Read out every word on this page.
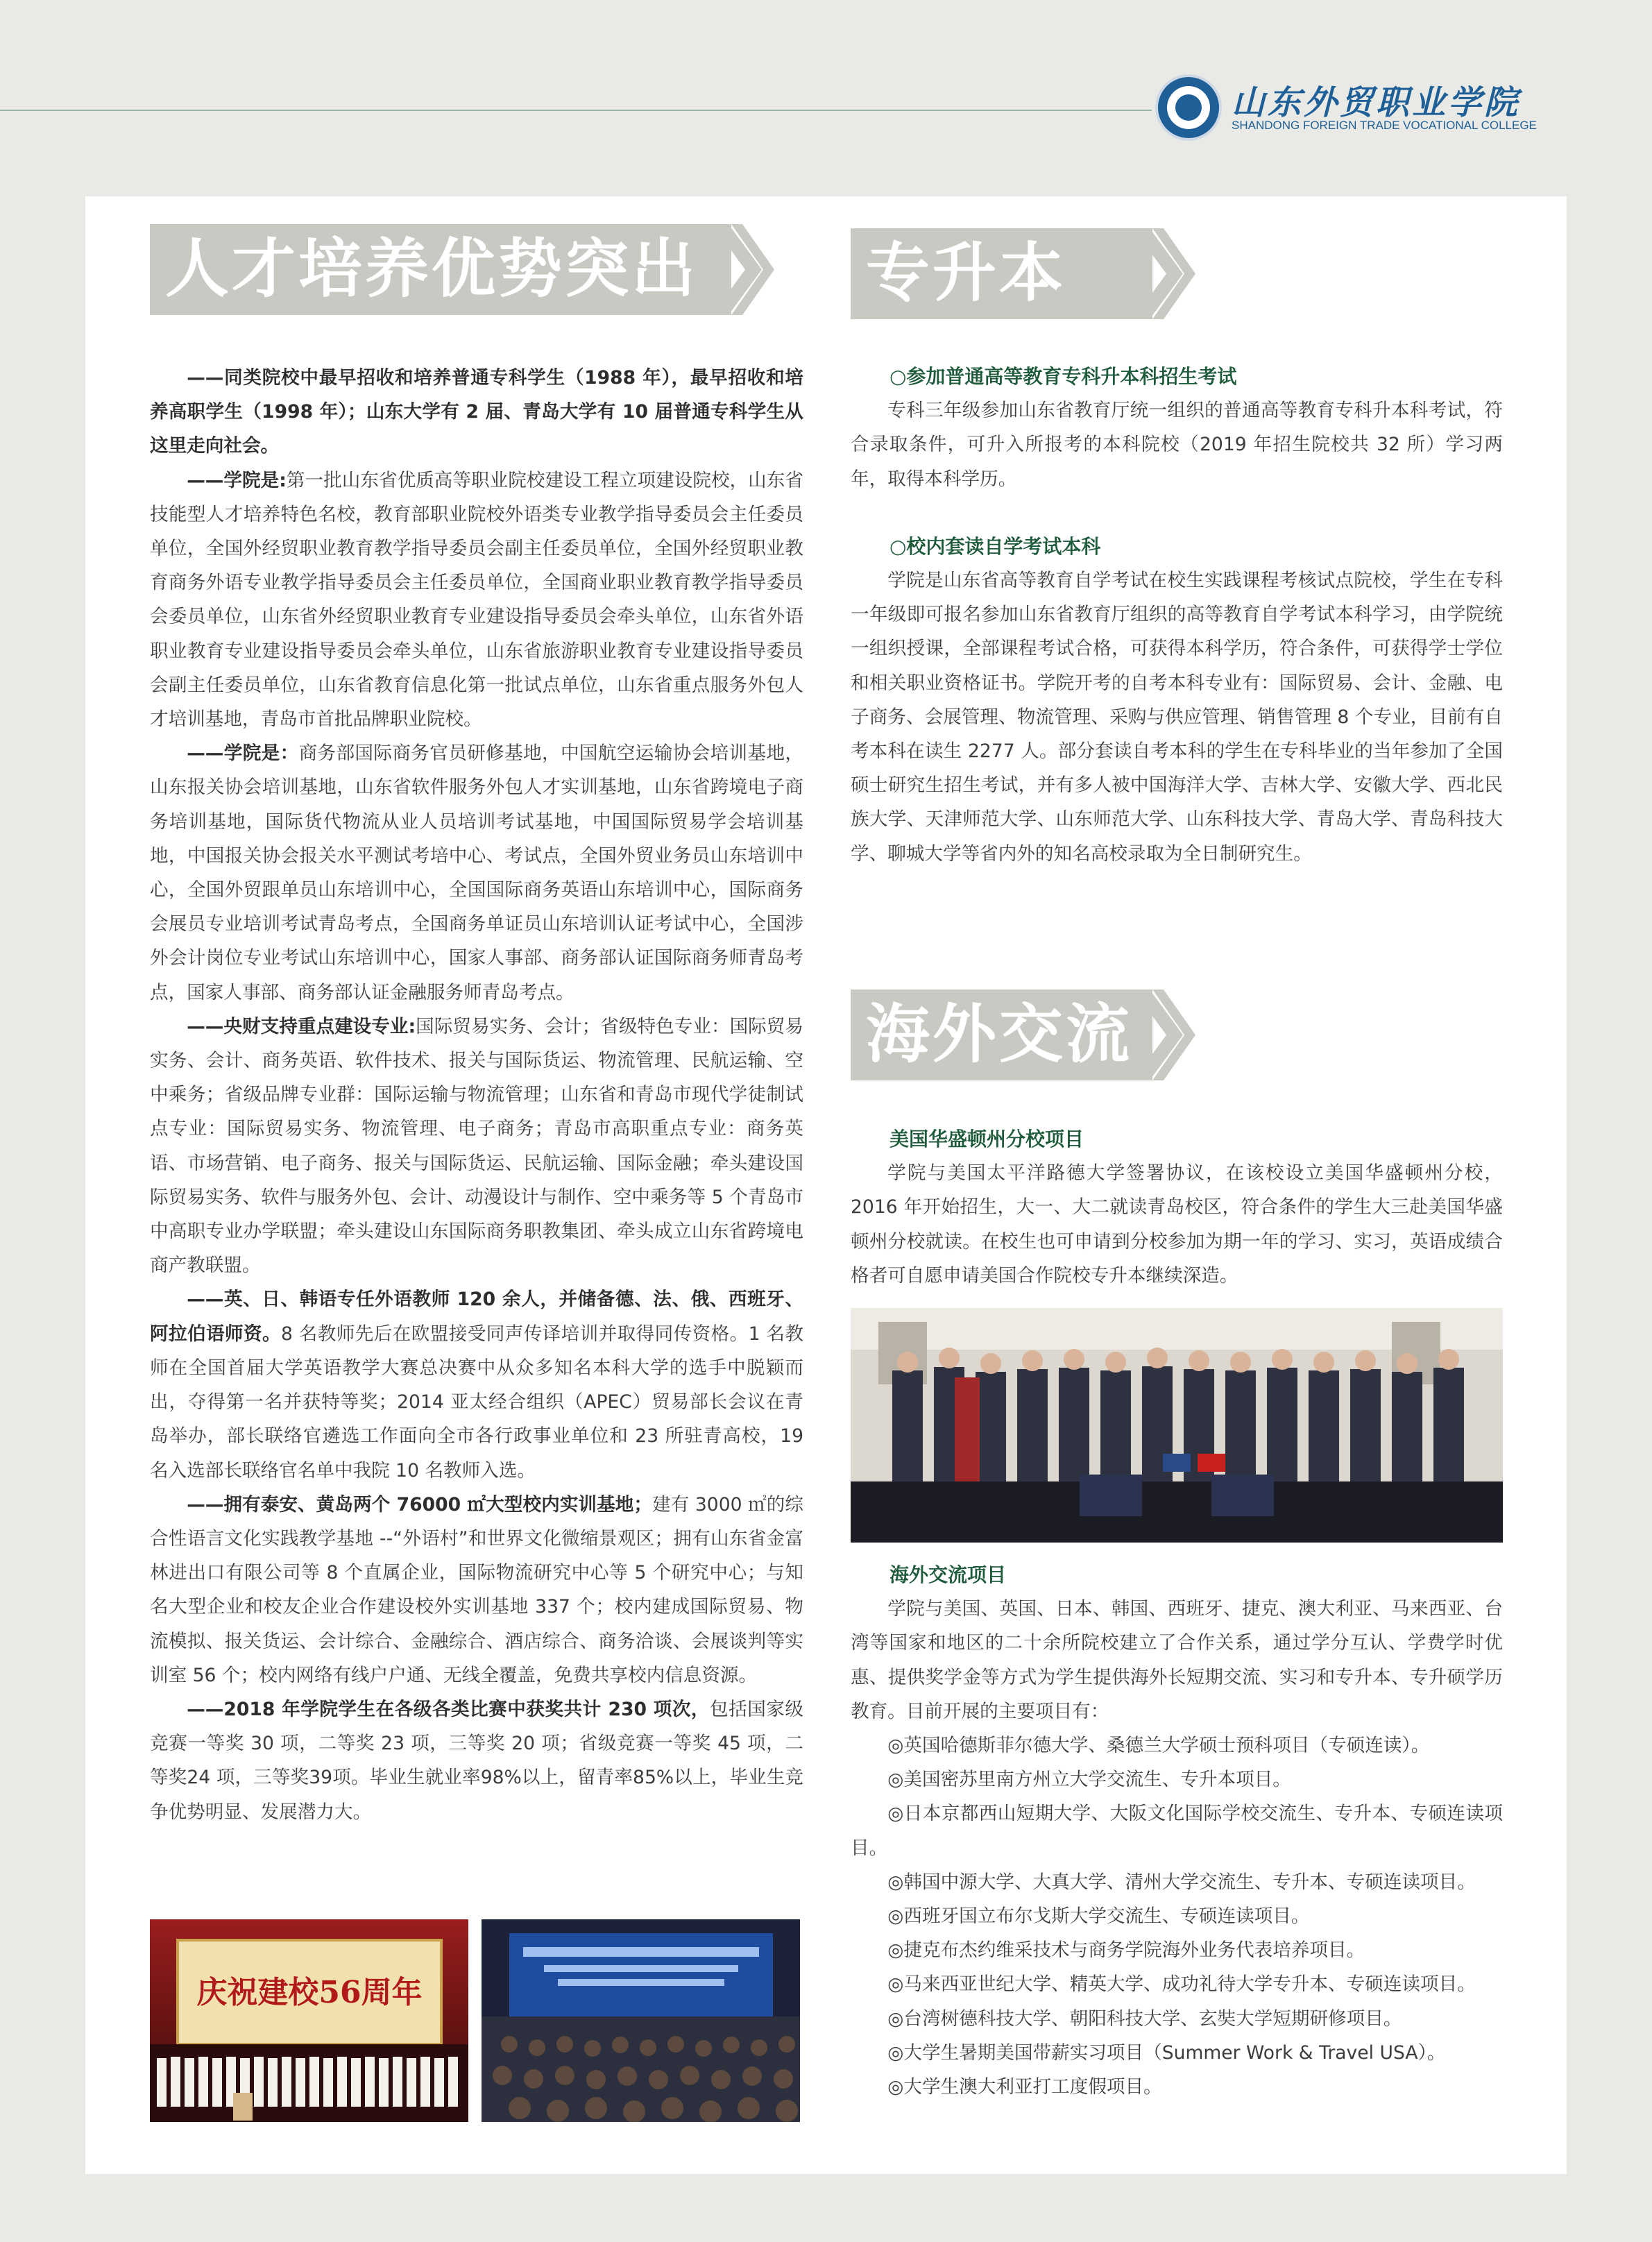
山东外贸职业学院
SHANDONG FOREIGN TRADE VOCATIONAL COLLEGE
人才培养优势突出

——同类院校中最早招收和培养普通专科学生（1988 年），最早招收和培养高职学生（1998 年）；山东大学有 2 届、青岛大学有 10 届普通专科学生从这里走向社会。

——学院是:第一批山东省优质高等职业院校建设工程立项建设院校，山东省技能型人才培养特色名校，教育部职业院校外语类专业教学指导委员会主任委员单位，全国外经贸职业教育教学指导委员会副主任委员单位，全国外经贸职业教育商务外语专业教学指导委员会主任委员单位，全国商业职业教育教学指导委员会委员单位，山东省外经贸职业教育专业建设指导委员会牵头单位，山东省外语职业教育专业建设指导委员会牵头单位，山东省旅游职业教育专业建设指导委员会副主任委员单位，山东省教育信息化第一批试点单位，山东省重点服务外包人才培训基地，青岛市首批品牌职业院校。

——学院是：商务部国际商务官员研修基地，中国航空运输协会培训基地，山东报关协会培训基地，山东省软件服务外包人才实训基地，山东省跨境电子商务培训基地，国际货代物流从业人员培训考试基地，中国国际贸易学会培训基地，中国报关协会报关水平测试考培中心、考试点，全国外贸业务员山东培训中心，全国外贸跟单员山东培训中心，全国国际商务英语山东培训中心，国际商务会展员专业培训考试青岛考点，全国商务单证员山东培训认证考试中心，全国涉外会计岗位专业考试山东培训中心，国家人事部、商务部认证国际商务师青岛考点，国家人事部、商务部认证金融服务师青岛考点。

——央财支持重点建设专业:国际贸易实务、会计；省级特色专业：国际贸易实务、会计、商务英语、软件技术、报关与国际货运、物流管理、民航运输、空中乘务；省级品牌专业群：国际运输与物流管理；山东省和青岛市现代学徒制试点专业：国际贸易实务、物流管理、电子商务；青岛市高职重点专业：商务英语、市场营销、电子商务、报关与国际货运、民航运输、国际金融；牵头建设国际贸易实务、软件与服务外包、会计、动漫设计与制作、空中乘务等 5 个青岛市中高职专业办学联盟；牵头建设山东国际商务职教集团、牵头成立山东省跨境电商产教联盟。

——英、日、韩语专任外语教师 120 余人，并储备德、法、俄、西班牙、阿拉伯语师资。8 名教师先后在欧盟接受同声传译培训并取得同传资格。1 名教师在全国首届大学英语教学大赛总决赛中从众多知名本科大学的选手中脱颖而出，夺得第一名并获特等奖；2014 亚太经合组织（APEC）贸易部长会议在青岛举办，部长联络官遴选工作面向全市各行政事业单位和 23 所驻青高校，19 名入选部长联络官名单中我院 10 名教师入选。

——拥有泰安、黄岛两个 76000 ㎡大型校内实训基地；建有 3000 ㎡的综合性语言文化实践教学基地 --“外语村”和世界文化微缩景观区；拥有山东省金富林进出口有限公司等 8 个直属企业，国际物流研究中心等 5 个研究中心；与知名大型企业和校友企业合作建设校外实训基地 337 个；校内建成国际贸易、物流模拟、报关货运、会计综合、金融综合、酒店综合、商务洽谈、会展谈判等实训室 56 个；校内网络有线户户通、无线全覆盖，免费共享校内信息资源。

——2018 年学院学生在各级各类比赛中获奖共计 230 项次，包括国家级竞赛一等奖 30 项，二等奖 23 项，三等奖 20 项；省级竞赛一等奖 45 项，二等奖24 项，三等奖39项。毕业生就业率98%以上，留青率85%以上，毕业生竞争优势明显、发展潜力大。

庆祝建校56周年
专升本

○参加普通高等教育专科升本科招生考试

专科三年级参加山东省教育厅统一组织的普通高等教育专科升本科考试，符合录取条件，可升入所报考的本科院校（2019 年招生院校共 32 所）学习两年，取得本科学历。

○校内套读自学考试本科

学院是山东省高等教育自学考试在校生实践课程考核试点院校，学生在专科一年级即可报名参加山东省教育厅组织的高等教育自学考试本科学习，由学院统一组织授课，全部课程考试合格，可获得本科学历，符合条件，可获得学士学位和相关职业资格证书。学院开考的自考本科专业有：国际贸易、会计、金融、电子商务、会展管理、物流管理、采购与供应管理、销售管理 8 个专业，目前有自考本科在读生 2277 人。部分套读自考本科的学生在专科毕业的当年参加了全国硕士研究生招生考试，并有多人被中国海洋大学、吉林大学、安徽大学、西北民族大学、天津师范大学、山东师范大学、山东科技大学、青岛大学、青岛科技大学、聊城大学等省内外的知名高校录取为全日制研究生。

海外交流

美国华盛顿州分校项目

学院与美国太平洋路德大学签署协议，在该校设立美国华盛顿州分校，2016 年开始招生，大一、大二就读青岛校区，符合条件的学生大三赴美国华盛顿州分校就读。在校生也可申请到分校参加为期一年的学习、实习，英语成绩合格者可自愿申请美国合作院校专升本继续深造。

海外交流项目

学院与美国、英国、日本、韩国、西班牙、捷克、澳大利亚、马来西亚、台湾等国家和地区的二十余所院校建立了合作关系，通过学分互认、学费学时优惠、提供奖学金等方式为学生提供海外长短期交流、实习和专升本、专升硕学历教育。目前开展的主要项目有：

◎英国哈德斯菲尔德大学、桑德兰大学硕士预科项目（专硕连读）。

◎美国密苏里南方州立大学交流生、专升本项目。

◎日本京都西山短期大学、大阪文化国际学校交流生、专升本、专硕连读项目。

◎韩国中源大学、大真大学、清州大学交流生、专升本、专硕连读项目。

◎西班牙国立布尔戈斯大学交流生、专硕连读项目。

◎捷克布杰约维采技术与商务学院海外业务代表培养项目。

◎马来西亚世纪大学、精英大学、成功礼待大学专升本、专硕连读项目。

◎台湾树德科技大学、朝阳科技大学、玄奘大学短期研修项目。

◎大学生暑期美国带薪实习项目（Summer Work & Travel USA）。

◎大学生澳大利亚打工度假项目。
